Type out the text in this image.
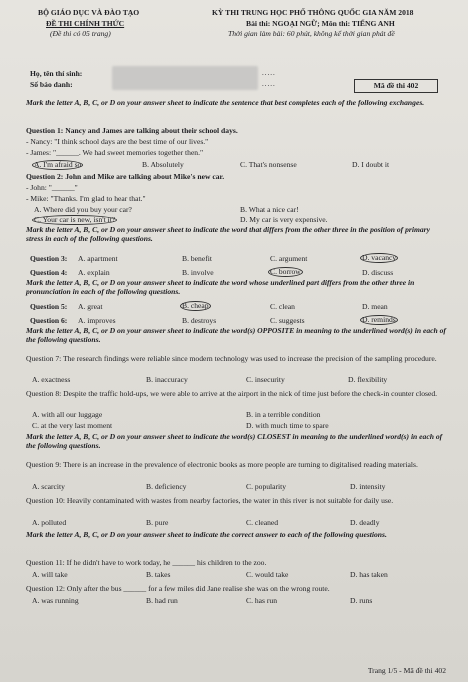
BỘ GIÁO DỤC VÀ ĐÀO TẠO
ĐỀ THI CHÍNH THỨC
(Đề thi có 05 trang)
KỲ THI TRUNG HỌC PHỔ THÔNG QUỐC GIA NĂM 2018
Bài thi: NGOẠI NGỮ; Môn thi: TIẾNG ANH
Thời gian làm bài: 60 phút, không kể thời gian phát đề
Họ, tên thí sinh:
Số báo danh:
.....
.....	Mã đề thi 402
Mark the letter A, B, C, or D on your answer sheet to indicate the sentence that best completes each of the following exchanges.
Question 1: Nancy and James are talking about their school days.
- Nancy: "I think school days are the best time of our lives."
- James: "______. We had sweet memories together then."
A. I'm afraid so	B. Absolutely	C. That's nonsense	D. I doubt it
Question 2: John and Mike are talking about Mike's new car.
- John: "______"
- Mike: "Thanks. I'm glad to hear that."
A. Where did you buy your car?	B. What a nice car!
C. Your car is new, isn't it?	D. My car is very expensive.
Mark the letter A, B, C, or D on your answer sheet to indicate the word that differs from the other three in the position of primary stress in each of the following questions.
Question 3: A. apartment	B. benefit	C. argument	D. vacancy
Question 4: A. explain	B. involve	C. borrow	D. discuss
Mark the letter A, B, C, or D on your answer sheet to indicate the word whose underlined part differs from the other three in pronunciation in each of the following questions.
Question 5: A. great	B. cheap	C. clean	D. mean
Question 6: A. improves	B. destroys	C. suggests	D. reminds
Mark the letter A, B, C, or D on your answer sheet to indicate the word(s) OPPOSITE in meaning to the underlined word(s) in each of the following questions.
Question 7: The research findings were reliable since modern technology was used to increase the precision of the sampling procedure.
A. exactness	B. inaccuracy	C. insecurity	D. flexibility
Question 8: Despite the traffic hold-ups, we were able to arrive at the airport in the nick of time just before the check-in counter closed.
A. with all our luggage	B. in a terrible condition
C. at the very last moment	D. with much time to spare
Mark the letter A, B, C, or D on your answer sheet to indicate the word(s) CLOSEST in meaning to the underlined word(s) in each of the following questions.
Question 9: There is an increase in the prevalence of electronic books as more people are turning to digitalised reading materials.
A. scarcity	B. deficiency	C. popularity	D. intensity
Question 10: Heavily contaminated with wastes from nearby factories, the water in this river is not suitable for daily use.
A. polluted	B. pure	C. cleaned	D. deadly
Mark the letter A, B, C, or D on your answer sheet to indicate the correct answer to each of the following questions.
Question 11: If he didn't have to work today, he ______ his children to the zoo.
A. will take	B. takes	C. would take	D. has taken
Question 12: Only after the bus ______ for a few miles did Jane realise she was on the wrong route.
A. was running	B. had run	C. has run	D. runs
Trang 1/5 - Mã đề thi 402
